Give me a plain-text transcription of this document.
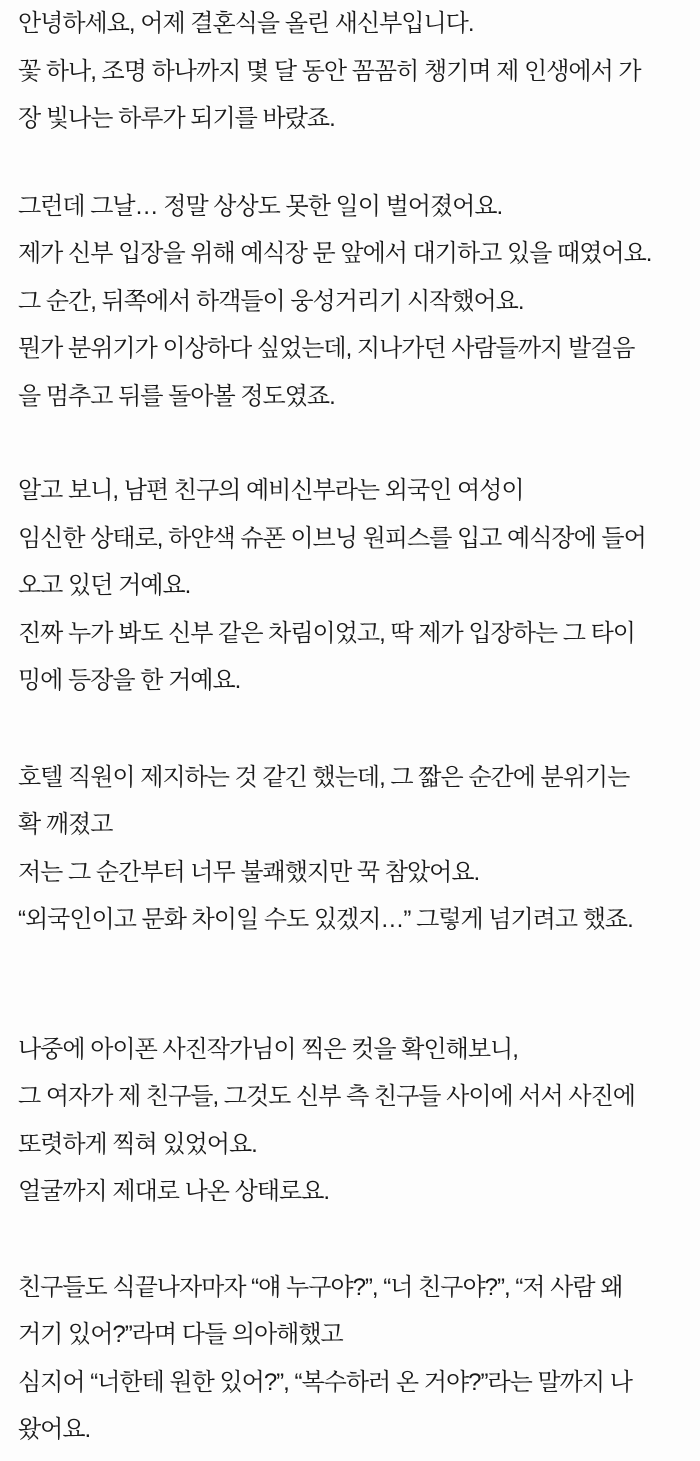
안녕하세요, 어제 결혼식을 올린 새신부입니다.
꽃 하나, 조명 하나까지 몇 달 동안 꼼꼼히 챙기며 제 인생에서 가
장 빛나는 하루가 되기를 바랐죠.
그런데 그날… 정말 상상도 못한 일이 벌어졌어요.
제가 신부 입장을 위해 예식장 문 앞에서 대기하고 있을 때였어요.
그 순간, 뒤쪽에서 하객들이 웅성거리기 시작했어요.
뭔가 분위기가 이상하다 싶었는데, 지나가던 사람들까지 발걸음
을 멈추고 뒤를 돌아볼 정도였죠.
알고 보니, 남편 친구의 예비신부라는 외국인 여성이
임신한 상태로, 하얀색 슈폰 이브닝 원피스를 입고 예식장에 들어
오고 있던 거예요.
진짜 누가 봐도 신부 같은 차림이었고, 딱 제가 입장하는 그 타이
밍에 등장을 한 거예요.
호텔 직원이 제지하는 것 같긴 했는데, 그 짧은 순간에 분위기는
확 깨졌고
저는 그 순간부터 너무 불쾌했지만 꾹 참았어요.
“외국인이고 문화 차이일 수도 있겠지…” 그렇게 넘기려고 했죠.
나중에 아이폰 사진작가님이 찍은 컷을 확인해보니,
그 여자가 제 친구들, 그것도 신부 측 친구들 사이에 서서 사진에
또렷하게 찍혀 있었어요.
얼굴까지 제대로 나온 상태로요.
친구들도 식끝나자마자 “얘 누구야?”, “너 친구야?”, “저 사람 왜
거기 있어?”라며 다들 의아해했고
심지어 “너한테 원한 있어?”, “복수하러 온 거야?”라는 말까지 나
왔어요.
